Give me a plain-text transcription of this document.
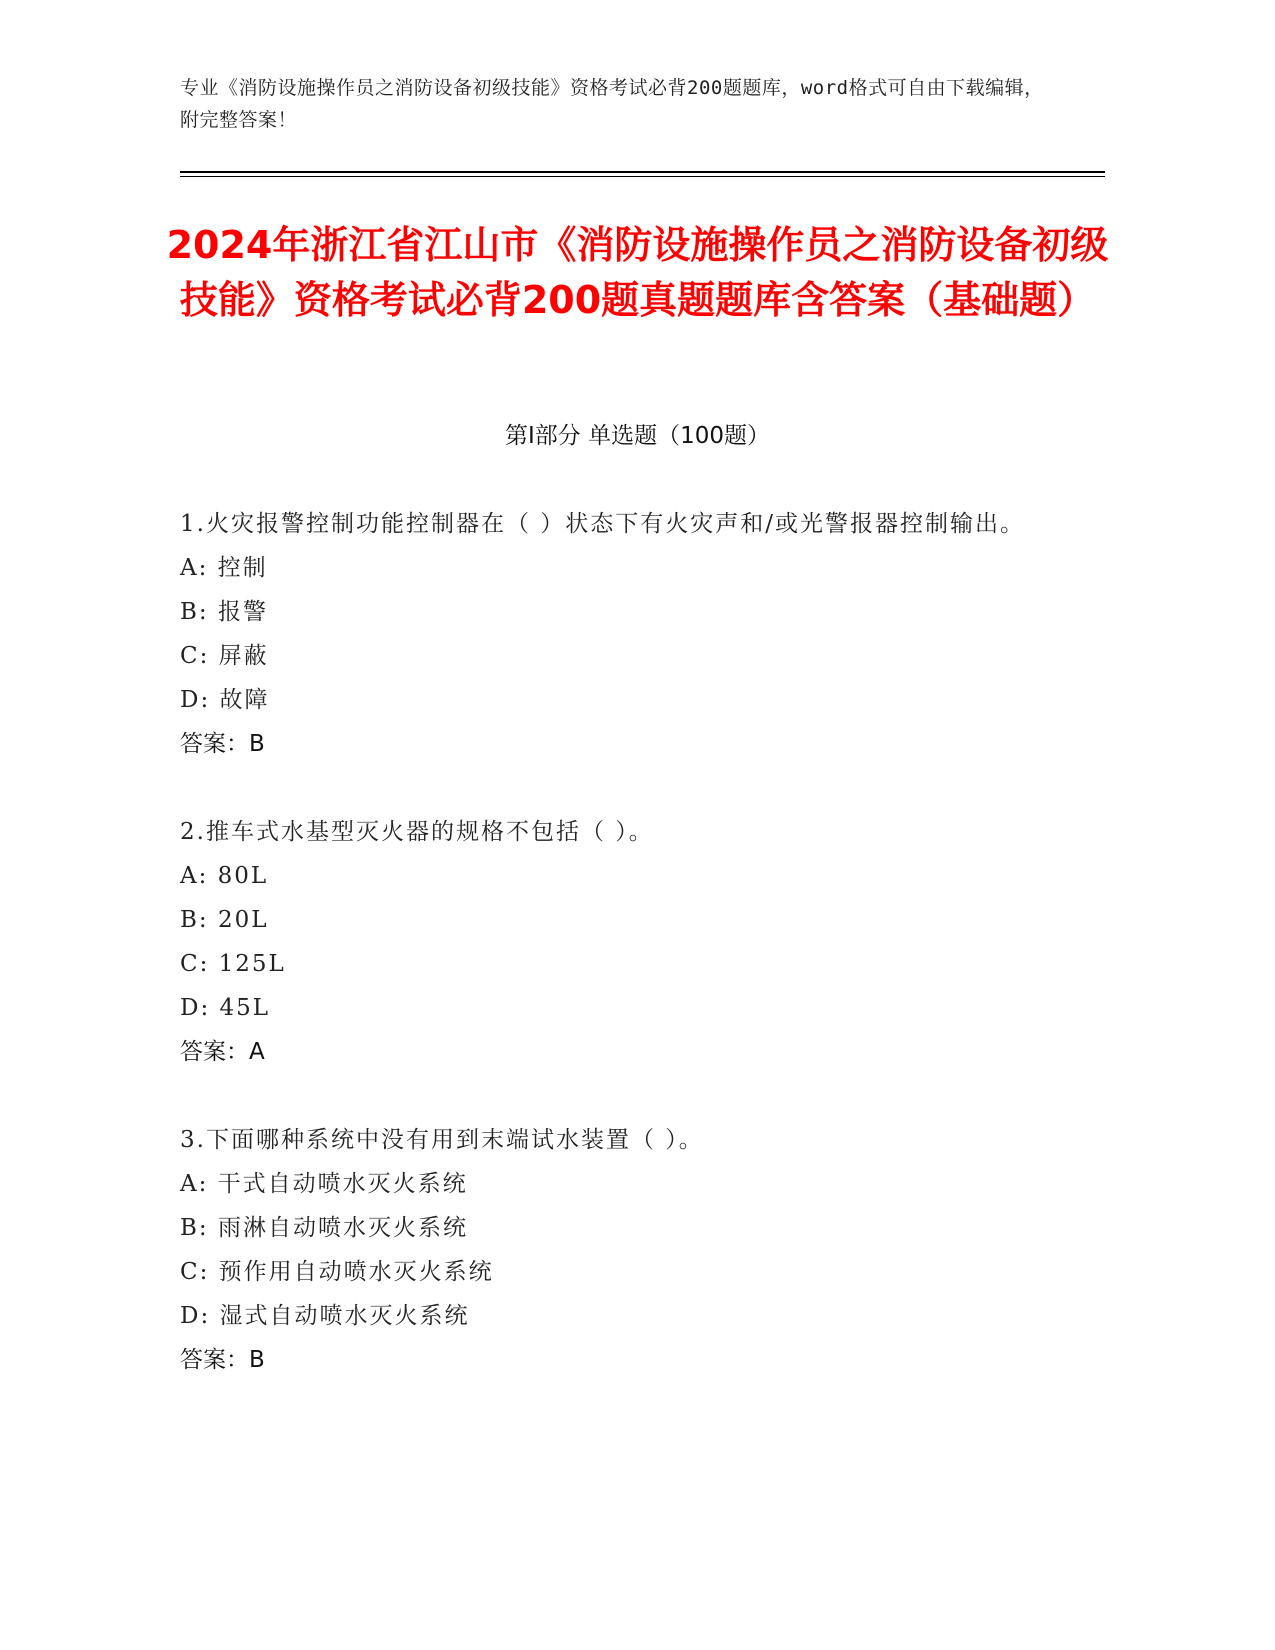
专业《消防设施操作员之消防设备初级技能》资格考试必背200题题库，word格式可自由下载编辑，附完整答案！
2024年浙江省江山市《消防设施操作员之消防设备初级技能》资格考试必背200题真题题库含答案（基础题）
第Ⅰ部分 单选题（100题）
1.火灾报警控制功能控制器在（ ）状态下有火灾声和/或光警报器控制输出。
A: 控制
B: 报警
C: 屏蔽
D: 故障
答案：B
2.推车式水基型灭火器的规格不包括（ ）。
A: 80L
B: 20L
C: 125L
D: 45L
答案：A
3.下面哪种系统中没有用到末端试水装置（ ）。
A: 干式自动喷水灭火系统
B: 雨淋自动喷水灭火系统
C: 预作用自动喷水灭火系统
D: 湿式自动喷水灭火系统
答案：B
